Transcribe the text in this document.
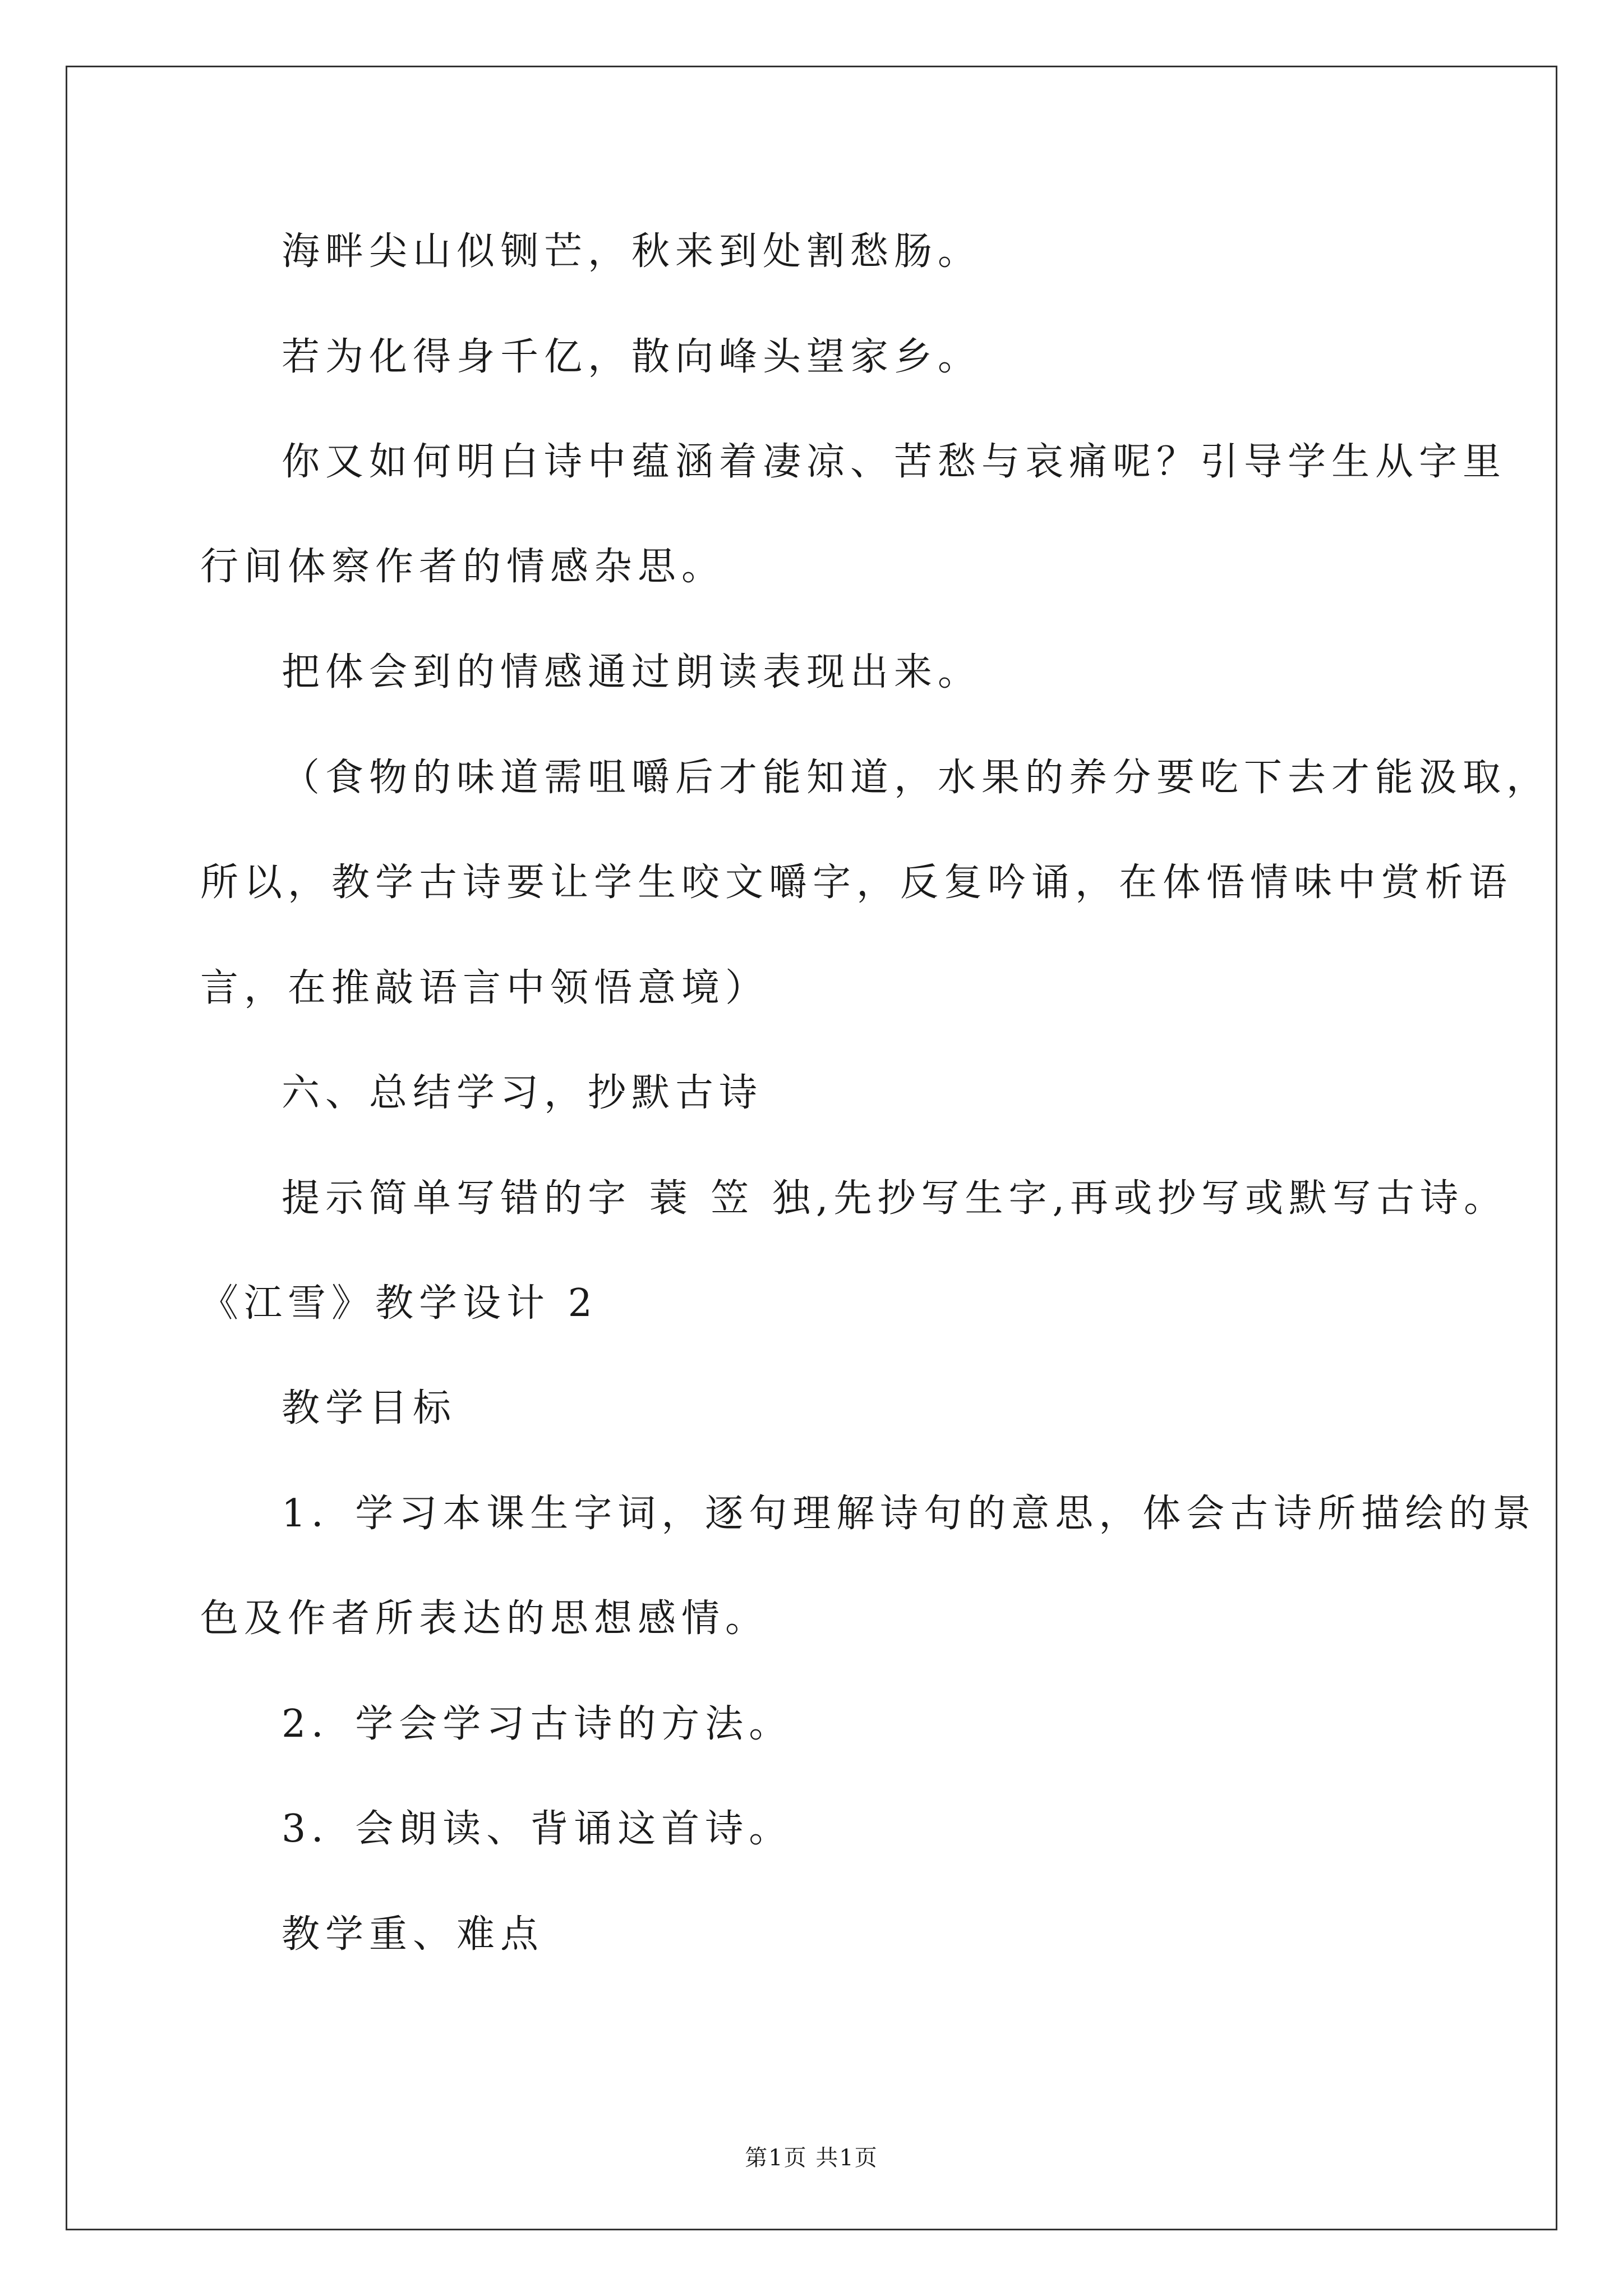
海畔尖山似铡芒，秋来到处割愁肠。
若为化得身千亿，散向峰头望家乡。
你又如何明白诗中蕴涵着凄凉、苦愁与哀痛呢？引导学生从字里
行间体察作者的情感杂思。
把体会到的情感通过朗读表现出来。
（食物的味道需咀嚼后才能知道，水果的养分要吃下去才能汲取，
所以，教学古诗要让学生咬文嚼字，反复吟诵，在体悟情味中赏析语
言，在推敲语言中领悟意境）
六、总结学习，抄默古诗
提示简单写错的字 蓑 笠 独,先抄写生字,再或抄写或默写古诗。
《江雪》教学设计 2
教学目标
1．学习本课生字词，逐句理解诗句的意思，体会古诗所描绘的景
色及作者所表达的思想感情。
2．学会学习古诗的方法。
3．会朗读、背诵这首诗。
教学重、难点
第1页 共1页
